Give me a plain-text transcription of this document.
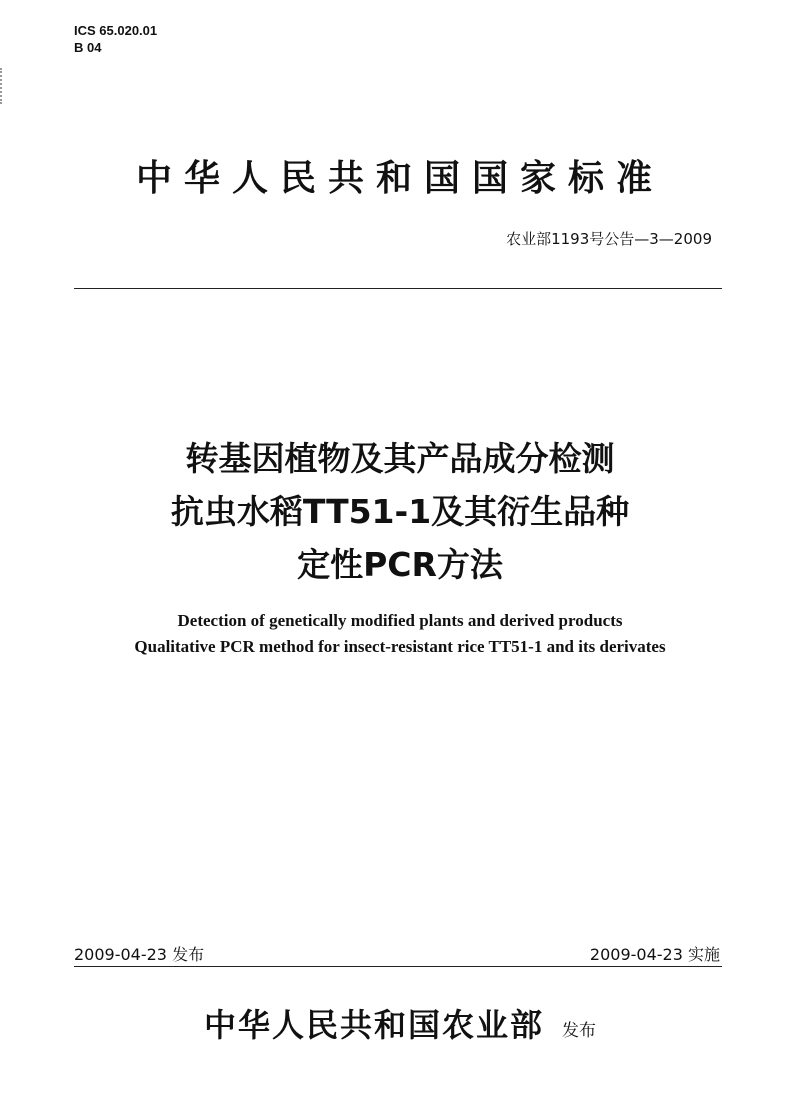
ICS 65.020.01
B 04
中华人民共和国国家标准
农业部1193号公告—3—2009
转基因植物及其产品成分检测
抗虫水稻TT51-1及其衍生品种
定性PCR方法
Detection of genetically modified plants and derived products
Qualitative PCR method for insect-resistant rice TT51-1 and its derivates
2009-04-23 发布	2009-04-23 实施
中华人民共和国农业部 发布
